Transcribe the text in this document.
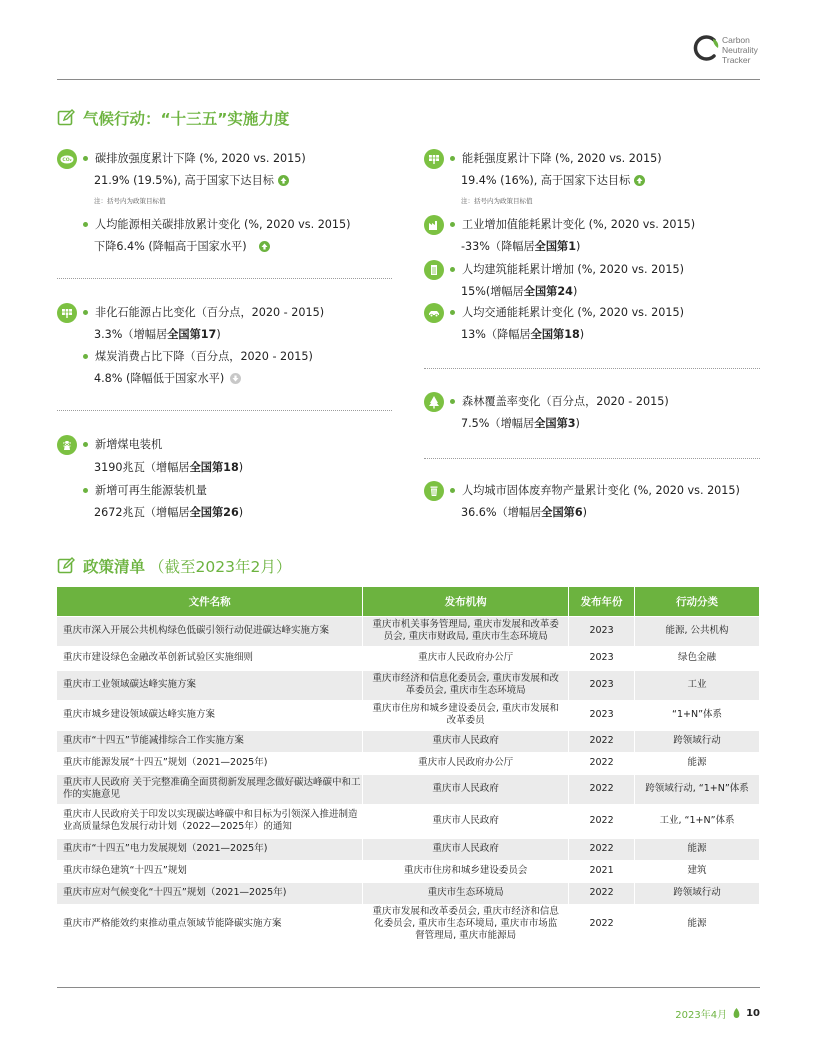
Carbon
Neutrality
Tracker
气候行动：“十三五”实施力度
CO₂	碳排放强度累计下降 (%, 2020 vs. 2015)
21.9% (19.5%), 高于国家下达目标
注：括号内为政策目标值
人均能源相关碳排放累计变化 (%, 2020 vs. 2015)
下降6.4% (降幅高于国家水平)
非化石能源占比变化（百分点，2020 - 2015)
3.3%（增幅居全国第17)
煤炭消费占比下降（百分点，2020 - 2015)
4.8% (降幅低于国家水平)
新增煤电装机
3190兆瓦（增幅居全国第18)
新增可再生能源装机量
2672兆瓦（增幅居全国第26)
能耗强度累计下降 (%, 2020 vs. 2015)
19.4% (16%), 高于国家下达目标
注：括号内为政策目标值
工业增加值能耗累计变化 (%, 2020 vs. 2015)
-33%（降幅居全国第1)
人均建筑能耗累计增加 (%, 2020 vs. 2015)
15%(增幅居全国第24)
人均交通能耗累计变化 (%, 2020 vs. 2015)
13%（降幅居全国第18)
森林覆盖率变化（百分点，2020 - 2015)
7.5%（增幅居全国第3)
人均城市固体废弃物产量累计变化 (%, 2020 vs. 2015)
36.6%（增幅居全国第6)
政策清单 （截至2023年2月）
文件名称	发布机构	发布年份	行动分类
重庆市深入开展公共机构绿色低碳引领行动促进碳达峰实施方案	重庆市机关事务管理局, 重庆市发展和改革委员会, 重庆市财政局, 重庆市生态环境局	2023	能源, 公共机构
重庆市建设绿色金融改革创新试验区实施细则	重庆市人民政府办公厅	2023	绿色金融
重庆市工业领域碳达峰实施方案	重庆市经济和信息化委员会, 重庆市发展和改革委员会, 重庆市生态环境局	2023	工业
重庆市城乡建设领域碳达峰实施方案	重庆市住房和城乡建设委员会, 重庆市发展和改革委员	2023	“1+N”体系
重庆市“十四五”节能减排综合工作实施方案	重庆市人民政府	2022	跨领域行动
重庆市能源发展“十四五”规划（2021—2025年)	重庆市人民政府办公厅	2022	能源
重庆市人民政府 关于完整准确全面贯彻新发展理念做好碳达峰碳中和工作的实施意见	重庆市人民政府	2022	跨领域行动, “1+N”体系
重庆市人民政府关于印发以实现碳达峰碳中和目标为引领深入推进制造业高质量绿色发展行动计划（2022—2025年）的通知	重庆市人民政府	2022	工业, “1+N”体系
重庆市“十四五”电力发展规划（2021—2025年)	重庆市人民政府	2022	能源
重庆市绿色建筑“十四五”规划	重庆市住房和城乡建设委员会	2021	建筑
重庆市应对气候变化“十四五”规划（2021—2025年)	重庆市生态环境局	2022	跨领域行动
重庆市严格能效约束推动重点领域节能降碳实施方案	重庆市发展和改革委员会, 重庆市经济和信息化委员会, 重庆市生态环境局, 重庆市市场监督管理局, 重庆市能源局	2022	能源
2023年4月 10
